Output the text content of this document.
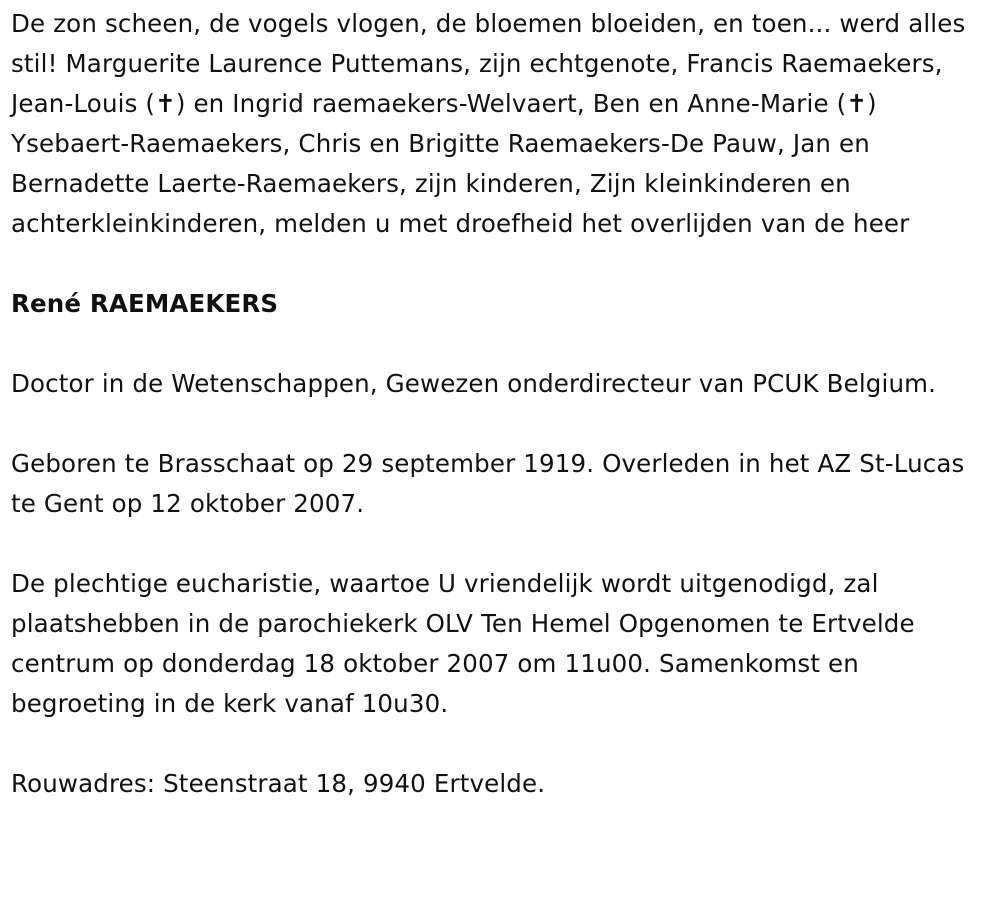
De zon scheen, de vogels vlogen, de bloemen bloeiden, en toen... werd alles stil! Marguerite Laurence Puttemans, zijn echtgenote, Francis Raemaekers, Jean-Louis (✝) en Ingrid raemaekers-Welvaert, Ben en Anne-Marie (✝) Ysebaert-Raemaekers, Chris en Brigitte Raemaekers-De Pauw, Jan en Bernadette Laerte-Raemaekers, zijn kinderen, Zijn kleinkinderen en achterkleinkinderen, melden u met droefheid het overlijden van de heer

René RAEMAEKERS

Doctor in de Wetenschappen, Gewezen onderdirecteur van PCUK Belgium.

Geboren te Brasschaat op 29 september 1919. Overleden in het AZ St-Lucas te Gent op 12 oktober 2007.

De plechtige eucharistie, waartoe U vriendelijk wordt uitgenodigd, zal plaatshebben in de parochiekerk OLV Ten Hemel Opgenomen te Ertvelde centrum op donderdag 18 oktober 2007 om 11u00. Samenkomst en begroeting in de kerk vanaf 10u30.

Rouwadres: Steenstraat 18, 9940 Ertvelde.
